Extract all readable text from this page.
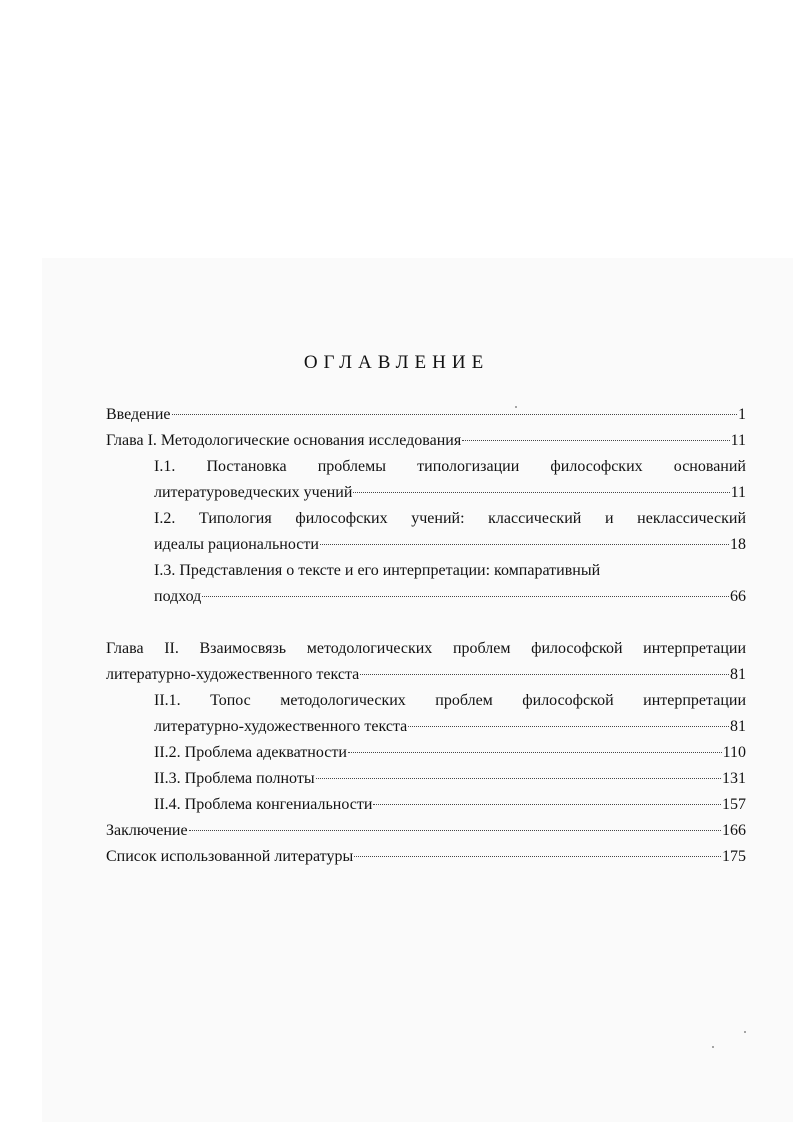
ОГЛАВЛЕНИЕ
Введение	1
Глава I. Методологические основания исследования	11
I.1. Постановка проблемы типологизации философских оснований
литературоведческих учений	11
I.2. Типология философских учений: классический и неклассический
идеалы рациональности	18
I.3. Представления о тексте и его интерпретации: компаративный
подход	66
Глава II. Взаимосвязь методологических проблем философской интерпретации
литературно-художественного текста	81
II.1. Топос методологических проблем философской интерпретации
литературно-художественного текста	81
II.2. Проблема адекватности	110
II.3. Проблема полноты	131
II.4. Проблема конгениальности	157
Заключение	166
Список использованной литературы	175
